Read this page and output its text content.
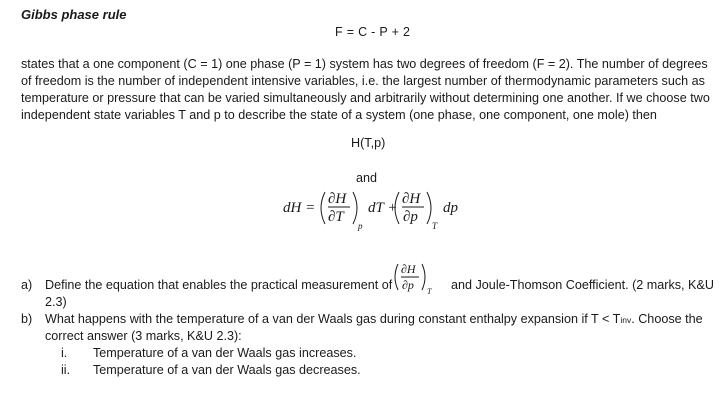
Gibbs phase rule
F = C - P + 2

states that a one component (C = 1) one phase (P = 1) system has two degrees of freedom (F = 2). The number of degrees of freedom is the number of independent intensive variables, i.e. the largest number of thermodynamic parameters such as temperature or pressure that can be varied simultaneously and arbitrarily without determining one another. If we choose two independent state variables T and p to describe the state of a system (one phase, one component, one mole) then

H(T,p)
and
dH =
∂H
∂T
p
dT +
∂H
∂p
T
dp
a) Define the equation that enables the practical measurement of
∂H
∂p T and Joule-Thomson Coefficient. (2 marks, K&U
2.3)
b) What happens with the temperature of a van der Waals gas during constant enthalpy expansion if T < Tinv. Choose the
correct answer (3 marks, K&U 2.3):
i. Temperature of a van der Waals gas increases.
ii. Temperature of a van der Waals gas decreases.
